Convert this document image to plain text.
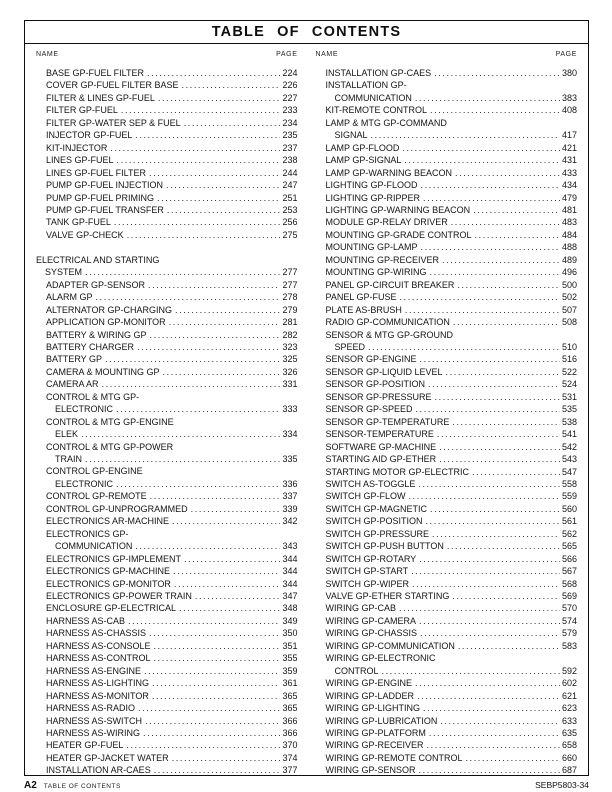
TABLE OF CONTENTS
NAME	PAGE
BASE GP-FUEL FILTER .....	224
COVER GP-FUEL FILTER BASE .....	226
FILTER & LINES GP-FUEL .....	227
FILTER GP-FUEL .....	233
FILTER GP-WATER SEP & FUEL .....	234
INJECTOR GP-FUEL .....	235
KIT-INJECTOR .....	237
LINES GP-FUEL .....	238
LINES GP-FUEL FILTER .....	244
PUMP GP-FUEL INJECTION .....	247
PUMP GP-FUEL PRIMING .....	251
PUMP GP-FUEL TRANSFER .....	253
TANK GP-FUEL .....	256
VALVE GP-CHECK .....	275
ELECTRICAL AND STARTING
SYSTEM .....	277
ADAPTER GP-SENSOR .....	277
ALARM GP .....	278
ALTERNATOR GP-CHARGING .....	279
APPLICATION GP-MONITOR .....	281
BATTERY & WIRING GP .....	282
BATTERY CHARGER .....	323
BATTERY GP .....	325
CAMERA & MOUNTING GP .....	326
CAMERA AR .....	331
CONTROL & MTG GP-
ELECTRONIC .....	333
CONTROL & MTG GP-ENGINE
ELEK .....	334
CONTROL & MTG GP-POWER
TRAIN .....	335
CONTROL GP-ENGINE
ELECTRONIC .....	336
CONTROL GP-REMOTE .....	337
CONTROL GP-UNPROGRAMMED .....	339
ELECTRONICS AR-MACHINE .....	342
ELECTRONICS GP-
COMMUNICATION .....	343
ELECTRONICS GP-IMPLEMENT .....	344
ELECTRONICS GP-MACHINE .....	344
ELECTRONICS GP-MONITOR .....	344
ELECTRONICS GP-POWER TRAIN .....	347
ENCLOSURE GP-ELECTRICAL .....	348
HARNESS AS-CAB .....	349
HARNESS AS-CHASSIS .....	350
HARNESS AS-CONSOLE .....	351
HARNESS AS-CONTROL .....	355
HARNESS AS-ENGINE .....	359
HARNESS AS-LIGHTING .....	361
HARNESS AS-MONITOR .....	365
HARNESS AS-RADIO .....	365
HARNESS AS-SWITCH .....	366
HARNESS AS-WIRING .....	366
HEATER GP-FUEL .....	370
HEATER GP-JACKET WATER .....	374
INSTALLATION AR-CAES .....	377
NAME	PAGE
INSTALLATION GP-CAES .....	380
INSTALLATION GP-
COMMUNICATION .....	383
KIT-REMOTE CONTROL .....	408
LAMP & MTG GP-COMMAND
SIGNAL .....	417
LAMP GP-FLOOD .....	421
LAMP GP-SIGNAL .....	431
LAMP GP-WARNING BEACON .....	433
LIGHTING GP-FLOOD .....	434
LIGHTING GP-RIPPER .....	479
LIGHTING GP-WARNING BEACON .....	481
MODULE GP-RELAY DRIVER .....	483
MOUNTING GP-GRADE CONTROL .....	484
MOUNTING GP-LAMP .....	488
MOUNTING GP-RECEIVER .....	489
MOUNTING GP-WIRING .....	496
PANEL GP-CIRCUIT BREAKER .....	500
PANEL GP-FUSE .....	502
PLATE AS-BRUSH .....	507
RADIO GP-COMMUNICATION .....	508
SENSOR & MTG GP-GROUND
SPEED .....	510
SENSOR GP-ENGINE .....	516
SENSOR GP-LIQUID LEVEL .....	522
SENSOR GP-POSITION .....	524
SENSOR GP-PRESSURE .....	531
SENSOR GP-SPEED .....	535
SENSOR GP-TEMPERATURE .....	538
SENSOR-TEMPERATURE .....	541
SOFTWARE GP-MACHINE .....	542
STARTING AID GP-ETHER .....	543
STARTING MOTOR GP-ELECTRIC .....	547
SWITCH AS-TOGGLE .....	558
SWITCH GP-FLOW .....	559
SWITCH GP-MAGNETIC .....	560
SWITCH GP-POSITION .....	561
SWITCH GP-PRESSURE .....	562
SWITCH GP-PUSH BUTTON .....	565
SWITCH GP-ROTARY .....	566
SWITCH GP-START .....	567
SWITCH GP-WIPER .....	568
VALVE GP-ETHER STARTING .....	569
WIRING GP-CAB .....	570
WIRING GP-CAMERA .....	574
WIRING GP-CHASSIS .....	579
WIRING GP-COMMUNICATION .....	583
WIRING GP-ELECTRONIC
CONTROL .....	592
WIRING GP-ENGINE .....	602
WIRING GP-LADDER .....	621
WIRING GP-LIGHTING .....	623
WIRING GP-LUBRICATION .....	633
WIRING GP-PLATFORM .....	635
WIRING GP-RECEIVER .....	658
WIRING GP-REMOTE CONTROL .....	660
WIRING GP-SENSOR .....	687
A2 TABLE OF CONTENTS	SEBP5803-34
